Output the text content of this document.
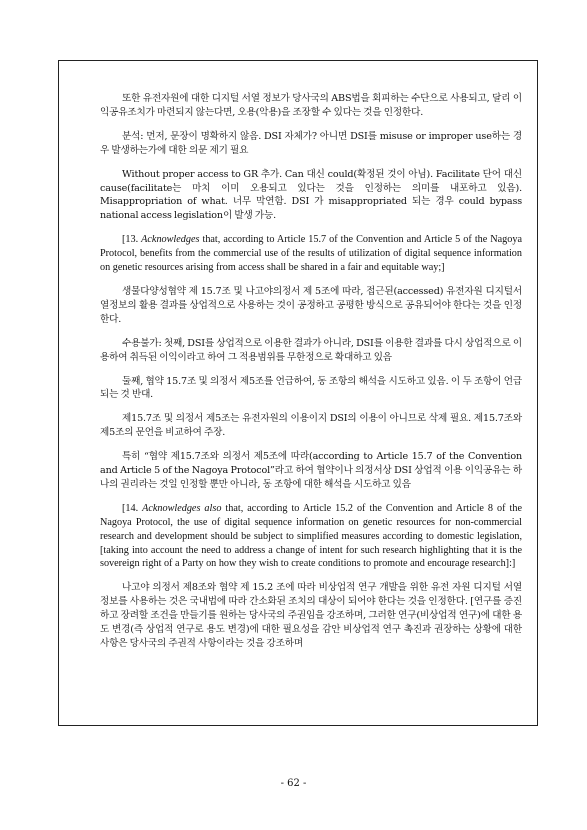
또한 유전자원에 대한 디지털 서열 정보가 당사국의 ABS법을 회피하는 수단으로 사용되고, 달리 이익공유조치가 마련되지 않는다면, 오용(악용)을 조장할 수 있다는 것을 인정한다.

분석: 먼저, 문장이 명확하지 않음. DSI 자체가? 아니면 DSI를 misuse or improper use하는 경우 발생하는가에 대한 의문 제기 필요

Without proper access to GR 추가. Can 대신 could(확정된 것이 아님). Facilitate 단어 대신 cause(facilitate는 마치 이미 오용되고 있다는 것을 인정하는 의미를 내포하고 있음). Misappropriation of what. 너무 막연함. DSI 가 misappropriated 되는 경우 could bypass national access legislation이 발생 가능.

[13. Acknowledges that, according to Article 15.7 of the Convention and Article 5 of the Nagoya Protocol, benefits from the commercial use of the results of utilization of digital sequence information on genetic resources arising from access shall be shared in a fair and equitable way;]

생물다양성협약 제 15.7조 및 나고야의정서 제 5조에 따라, 접근된(accessed) 유전자원 디지털서열정보의 활용 결과를 상업적으로 사용하는 것이 공정하고 공평한 방식으로 공유되어야 한다는 것을 인정한다.

수용불가: 첫째, DSI를 상업적으로 이용한 결과가 아니라, DSI를 이용한 결과를 다시 상업적으로 이용하여 취득된 이익이라고 하여 그 적용범위를 무한정으로 확대하고 있음

둘째, 협약 15.7조 및 의정서 제5조를 언급하여, 동 조항의 해석을 시도하고 있음. 이 두 조항이 언급되는 것 반대.

제15.7조 및 의정서 제5조는 유전자원의 이용이지 DSI의 이용이 아니므로 삭제 필요. 제15.7조와 제5조의 문언을 비교하여 주장.

특히 “협약 제15.7조와 의정서 제5조에 따라(according to Article 15.7 of the Convention and Article 5 of the Nagoya Protocol”라고 하여 협약이나 의정서상 DSI 상업적 이용 이익공유는 하나의 권리라는 것일 인정할 뿐만 아니라, 동 조항에 대한 해석을 시도하고 있음

[14. Acknowledges also that, according to Article 15.2 of the Convention and Article 8 of the Nagoya Protocol, the use of digital sequence information on genetic resources for non-commercial research and development should be subject to simplified measures according to domestic legislation, [taking into account the need to address a change of intent for such research highlighting that it is the sovereign right of a Party on how they wish to create conditions to promote and encourage research]:]

나고야 의정서 제8조와 협약 제 15.2 조에 따라 비상업적 연구 개발을 위한 유전 자원 디지털 서열 정보를 사용하는 것은 국내법에 따라 간소화된 조치의 대상이 되어야 한다는 것을 인정한다. [연구를 증진하고 장려할 조건을 만들기를 원하는 당사국의 주권임을 강조하며, 그러한 연구(비상업적 연구)에 대한 용도 변경(즉 상업적 연구로 용도 변경)에 대한 필요성을 감안 비상업적 연구 촉진과 권장하는 상황에 대한 사항은 당사국의 주권적 사항이라는 것을 강조하며

- 62 -
